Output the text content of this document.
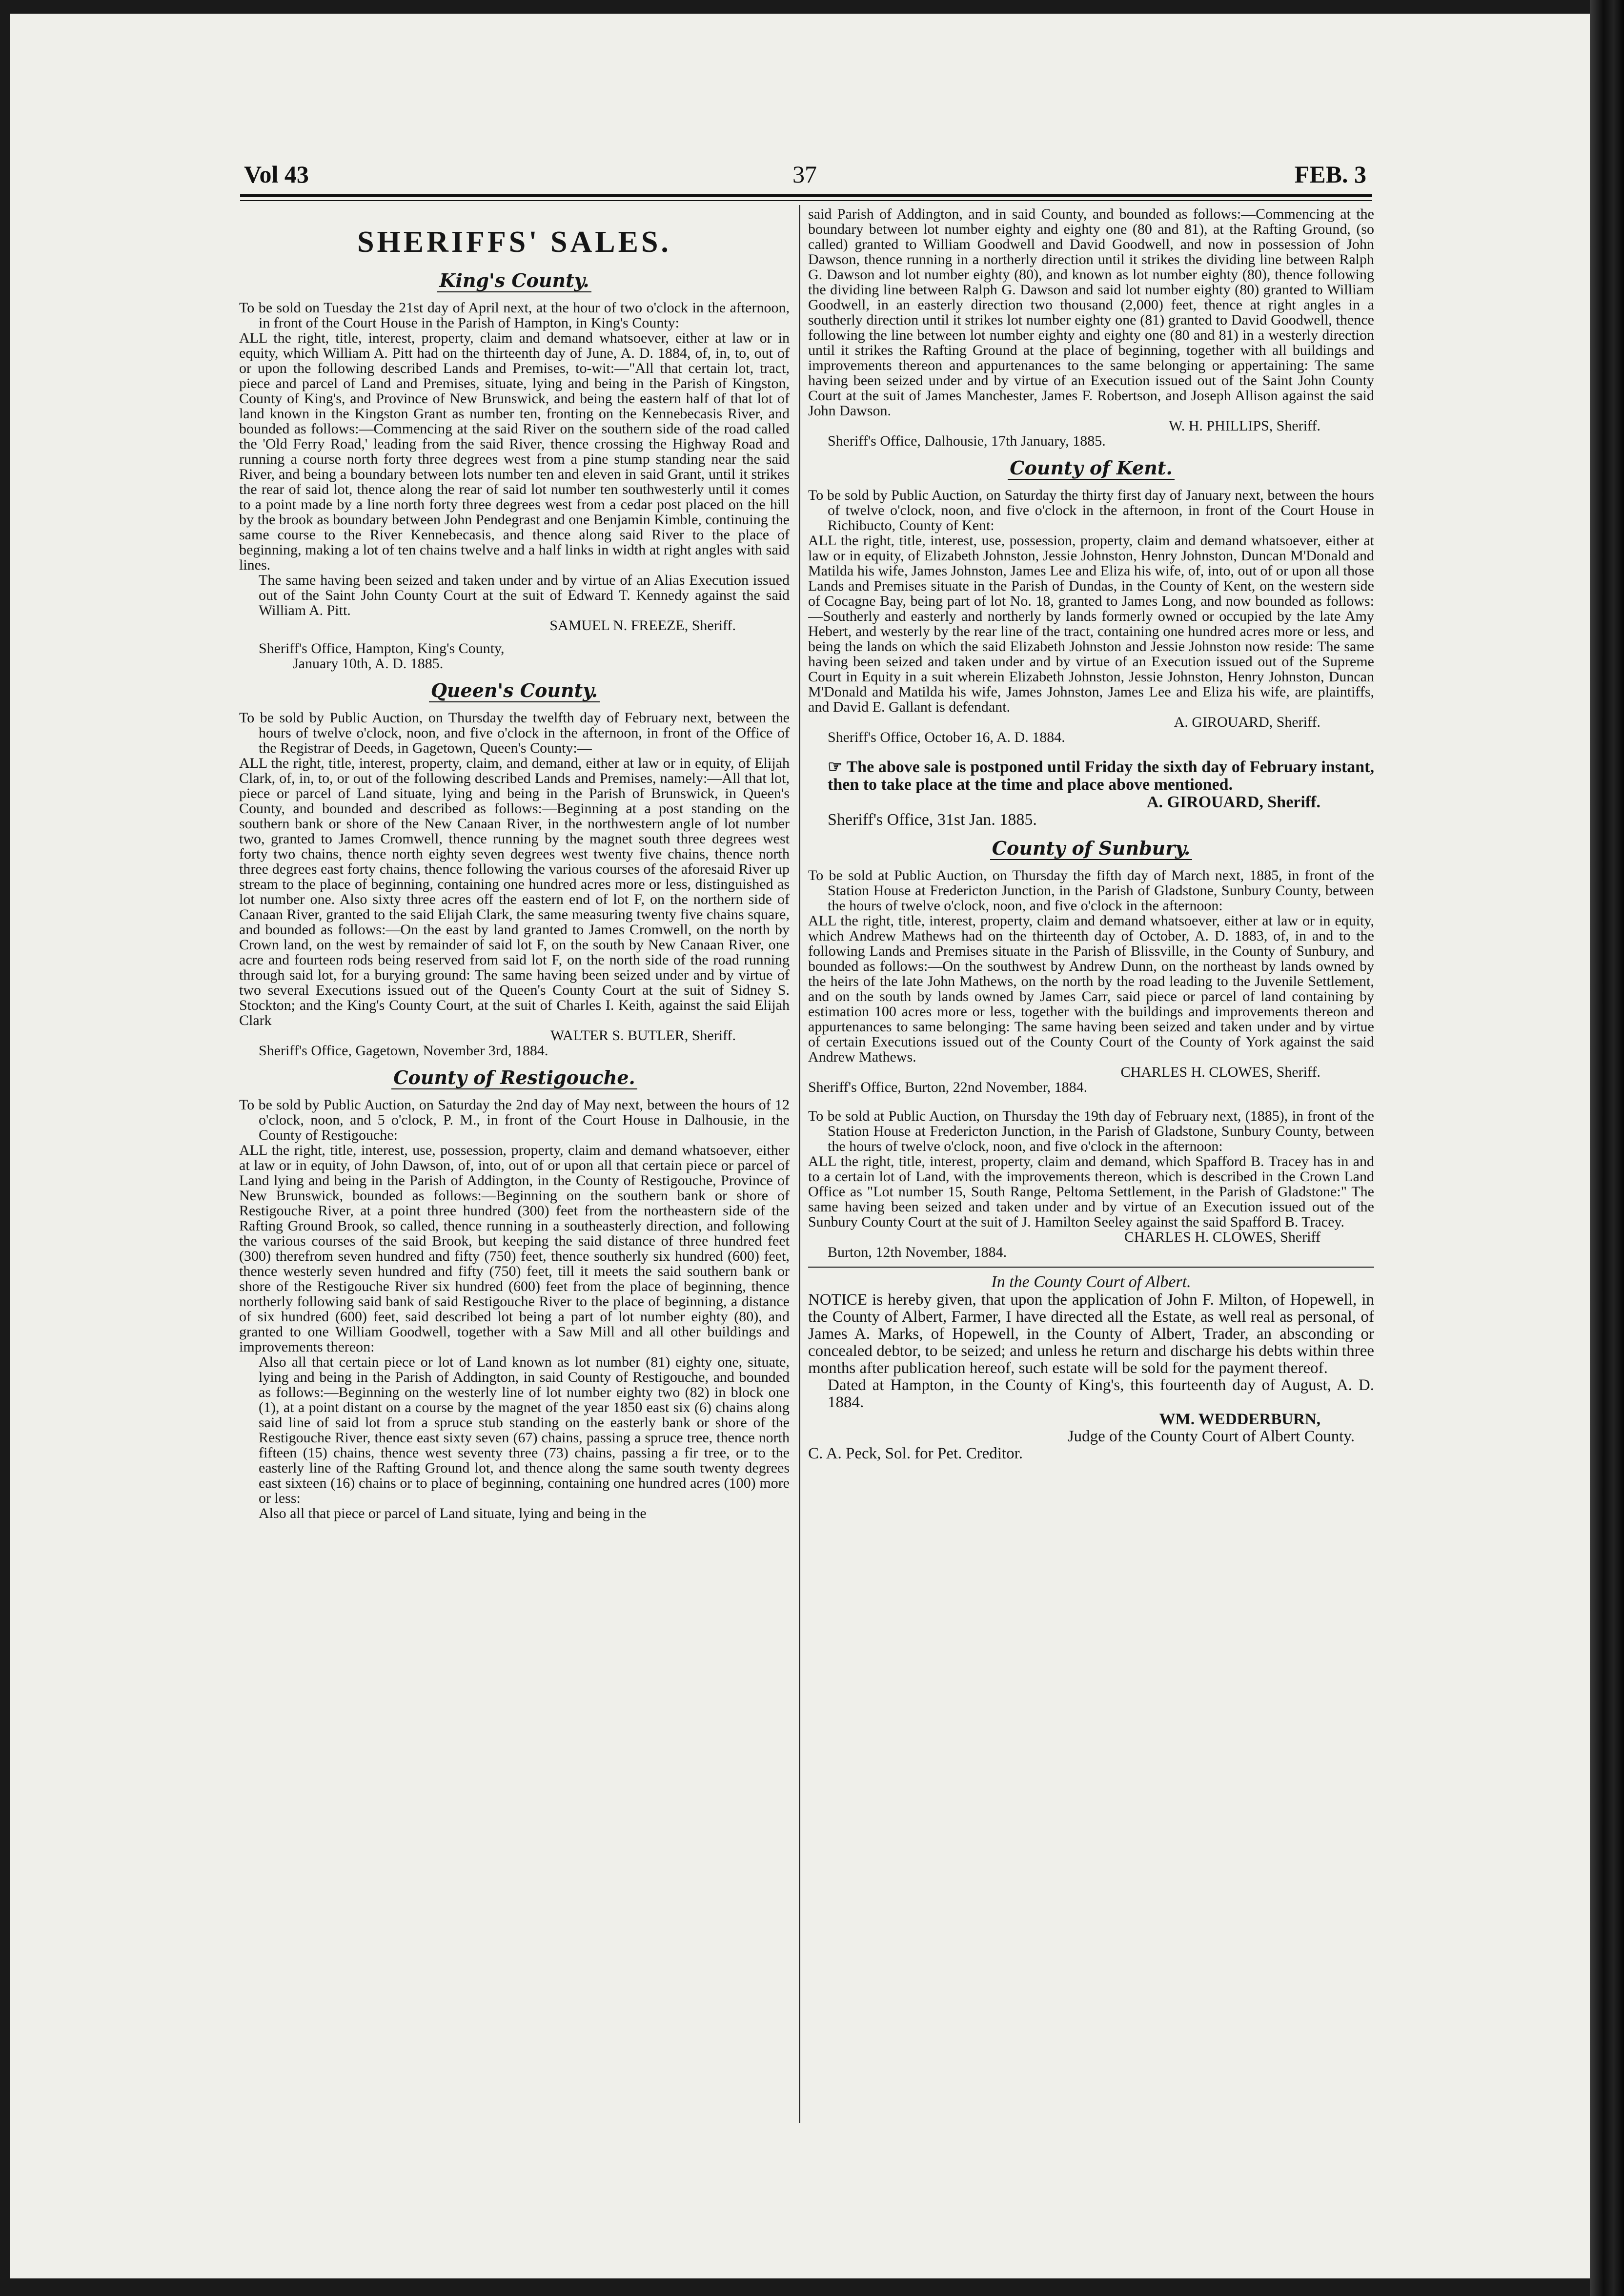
Vol 43	37	FEB. 3
SHERIFFS' SALES.
King's County.

To be sold on Tuesday the 21st day of April next, at the hour of two o'clock in the afternoon, in front of the Court House in the Parish of Hampton, in King's County:

ALL the right, title, interest, property, claim and demand whatsoever, either at law or in equity, which William A. Pitt had on the thirteenth day of June, A. D. 1884, of, in, to, out of or upon the following described Lands and Premises, to-wit:—"All that certain lot, tract, piece and parcel of Land and Premises, situate, lying and being in the Parish of Kingston, County of King's, and Province of New Brunswick, and being the eastern half of that lot of land known in the Kingston Grant as number ten, fronting on the Kennebecasis River, and bounded as follows:—Commencing at the said River on the southern side of the road called the 'Old Ferry Road,' leading from the said River, thence crossing the Highway Road and running a course north forty three degrees west from a pine stump standing near the said River, and being a boundary between lots number ten and eleven in said Grant, until it strikes the rear of said lot, thence along the rear of said lot number ten southwesterly until it comes to a point made by a line north forty three degrees west from a cedar post placed on the hill by the brook as boundary between John Pendegrast and one Benjamin Kimble, continuing the same course to the River Kennebecasis, and thence along said River to the place of beginning, making a lot of ten chains twelve and a half links in width at right angles with said lines.

The same having been seized and taken under and by virtue of an Alias Execution issued out of the Saint John County Court at the suit of Edward T. Kennedy against the said William A. Pitt.

SAMUEL N. FREEZE, Sheriff.

Sheriff's Office, Hampton, King's County,

January 10th, A. D. 1885.

Queen's County.

To be sold by Public Auction, on Thursday the twelfth day of February next, between the hours of twelve o'clock, noon, and five o'clock in the afternoon, in front of the Office of the Registrar of Deeds, in Gagetown, Queen's County:—

ALL the right, title, interest, property, claim, and demand, either at law or in equity, of Elijah Clark, of, in, to, or out of the following described Lands and Premises, namely:—All that lot, piece or parcel of Land situate, lying and being in the Parish of Brunswick, in Queen's County, and bounded and described as follows:—Beginning at a post standing on the southern bank or shore of the New Canaan River, in the northwestern angle of lot number two, granted to James Cromwell, thence running by the magnet south three degrees west forty two chains, thence north eighty seven degrees west twenty five chains, thence north three degrees east forty chains, thence following the various courses of the aforesaid River up stream to the place of beginning, containing one hundred acres more or less, distinguished as lot number one. Also sixty three acres off the eastern end of lot F, on the northern side of Canaan River, granted to the said Elijah Clark, the same measuring twenty five chains square, and bounded as follows:—On the east by land granted to James Cromwell, on the north by Crown land, on the west by remainder of said lot F, on the south by New Canaan River, one acre and fourteen rods being reserved from said lot F, on the north side of the road running through said lot, for a burying ground: The same having been seized under and by virtue of two several Executions issued out of the Queen's County Court at the suit of Sidney S. Stockton; and the King's County Court, at the suit of Charles I. Keith, against the said Elijah Clark

WALTER S. BUTLER, Sheriff.

Sheriff's Office, Gagetown, November 3rd, 1884.

County of Restigouche.

To be sold by Public Auction, on Saturday the 2nd day of May next, between the hours of 12 o'clock, noon, and 5 o'clock, P. M., in front of the Court House in Dalhousie, in the County of Restigouche:

ALL the right, title, interest, use, possession, property, claim and demand whatsoever, either at law or in equity, of John Dawson, of, into, out of or upon all that certain piece or parcel of Land lying and being in the Parish of Addington, in the County of Restigouche, Province of New Brunswick, bounded as follows:—Beginning on the southern bank or shore of Restigouche River, at a point three hundred (300) feet from the northeastern side of the Rafting Ground Brook, so called, thence running in a southeasterly direction, and following the various courses of the said Brook, but keeping the said distance of three hundred feet (300) therefrom seven hundred and fifty (750) feet, thence southerly six hundred (600) feet, thence westerly seven hundred and fifty (750) feet, till it meets the said southern bank or shore of the Restigouche River six hundred (600) feet from the place of beginning, thence northerly following said bank of said Restigouche River to the place of beginning, a distance of six hundred (600) feet, said described lot being a part of lot number eighty (80), and granted to one William Goodwell, together with a Saw Mill and all other buildings and improvements thereon:

Also all that certain piece or lot of Land known as lot number (81) eighty one, situate, lying and being in the Parish of Addington, in said County of Restigouche, and bounded as follows:—Beginning on the westerly line of lot number eighty two (82) in block one (1), at a point distant on a course by the magnet of the year 1850 east six (6) chains along said line of said lot from a spruce stub standing on the easterly bank or shore of the Restigouche River, thence east sixty seven (67) chains, passing a spruce tree, thence north fifteen (15) chains, thence west seventy three (73) chains, passing a fir tree, or to the easterly line of the Rafting Ground lot, and thence along the same south twenty degrees east sixteen (16) chains or to place of beginning, containing one hundred acres (100) more or less:

Also all that piece or parcel of Land situate, lying and being in the

said Parish of Addington, and in said County, and bounded as follows:—Commencing at the boundary between lot number eighty and eighty one (80 and 81), at the Rafting Ground, (so called) granted to William Goodwell and David Goodwell, and now in possession of John Dawson, thence running in a northerly direction until it strikes the dividing line between Ralph G. Dawson and lot number eighty (80), and known as lot number eighty (80), thence following the dividing line between Ralph G. Dawson and said lot number eighty (80) granted to William Goodwell, in an easterly direction two thousand (2,000) feet, thence at right angles in a southerly direction until it strikes lot number eighty one (81) granted to David Goodwell, thence following the line between lot number eighty and eighty one (80 and 81) in a westerly direction until it strikes the Rafting Ground at the place of beginning, together with all buildings and improvements thereon and appurtenances to the same belonging or appertaining: The same having been seized under and by virtue of an Execution issued out of the Saint John County Court at the suit of James Manchester, James F. Robertson, and Joseph Allison against the said John Dawson.

W. H. PHILLIPS, Sheriff.

Sheriff's Office, Dalhousie, 17th January, 1885.

County of Kent.

To be sold by Public Auction, on Saturday the thirty first day of January next, between the hours of twelve o'clock, noon, and five o'clock in the afternoon, in front of the Court House in Richibucto, County of Kent:

ALL the right, title, interest, use, possession, property, claim and demand whatsoever, either at law or in equity, of Elizabeth Johnston, Jessie Johnston, Henry Johnston, Duncan M'Donald and Matilda his wife, James Johnston, James Lee and Eliza his wife, of, into, out of or upon all those Lands and Premises situate in the Parish of Dundas, in the County of Kent, on the western side of Cocagne Bay, being part of lot No. 18, granted to James Long, and now bounded as follows:—Southerly and easterly and northerly by lands formerly owned or occupied by the late Amy Hebert, and westerly by the rear line of the tract, containing one hundred acres more or less, and being the lands on which the said Elizabeth Johnston and Jessie Johnston now reside: The same having been seized and taken under and by virtue of an Execution issued out of the Supreme Court in Equity in a suit wherein Elizabeth Johnston, Jessie Johnston, Henry Johnston, Duncan M'Donald and Matilda his wife, James Johnston, James Lee and Eliza his wife, are plaintiffs, and David E. Gallant is defendant.

A. GIROUARD, Sheriff.

Sheriff's Office, October 16, A. D. 1884.

☞ The above sale is postponed until Friday the sixth day of February instant, then to take place at the time and place above mentioned.

A. GIROUARD, Sheriff.

Sheriff's Office, 31st Jan. 1885.

County of Sunbury.

To be sold at Public Auction, on Thursday the fifth day of March next, 1885, in front of the Station House at Fredericton Junction, in the Parish of Gladstone, Sunbury County, between the hours of twelve o'clock, noon, and five o'clock in the afternoon:

ALL the right, title, interest, property, claim and demand whatsoever, either at law or in equity, which Andrew Mathews had on the thirteenth day of October, A. D. 1883, of, in and to the following Lands and Premises situate in the Parish of Blissville, in the County of Sunbury, and bounded as follows:—On the southwest by Andrew Dunn, on the northeast by lands owned by the heirs of the late John Mathews, on the north by the road leading to the Juvenile Settlement, and on the south by lands owned by James Carr, said piece or parcel of land containing by estimation 100 acres more or less, together with the buildings and improvements thereon and appurtenances to same belonging: The same having been seized and taken under and by virtue of certain Executions issued out of the County Court of the County of York against the said Andrew Mathews.

CHARLES H. CLOWES, Sheriff.

Sheriff's Office, Burton, 22nd November, 1884.

To be sold at Public Auction, on Thursday the 19th day of February next, (1885), in front of the Station House at Fredericton Junction, in the Parish of Gladstone, Sunbury County, between the hours of twelve o'clock, noon, and five o'clock in the afternoon:

ALL the right, title, interest, property, claim and demand, which Spafford B. Tracey has in and to a certain lot of Land, with the improvements thereon, which is described in the Crown Land Office as "Lot number 15, South Range, Peltoma Settlement, in the Parish of Gladstone:" The same having been seized and taken under and by virtue of an Execution issued out of the Sunbury County Court at the suit of J. Hamilton Seeley against the said Spafford B. Tracey.

CHARLES H. CLOWES, Sheriff

Burton, 12th November, 1884.

In the County Court of Albert.

NOTICE is hereby given, that upon the application of John F. Milton, of Hopewell, in the County of Albert, Farmer, I have directed all the Estate, as well real as personal, of James A. Marks, of Hopewell, in the County of Albert, Trader, an absconding or concealed debtor, to be seized; and unless he return and discharge his debts within three months after publication hereof, such estate will be sold for the payment thereof.

Dated at Hampton, in the County of King's, this fourteenth day of August, A. D. 1884.

WM. WEDDERBURN,

Judge of the County Court of Albert County.

C. A. Peck, Sol. for Pet. Creditor.
